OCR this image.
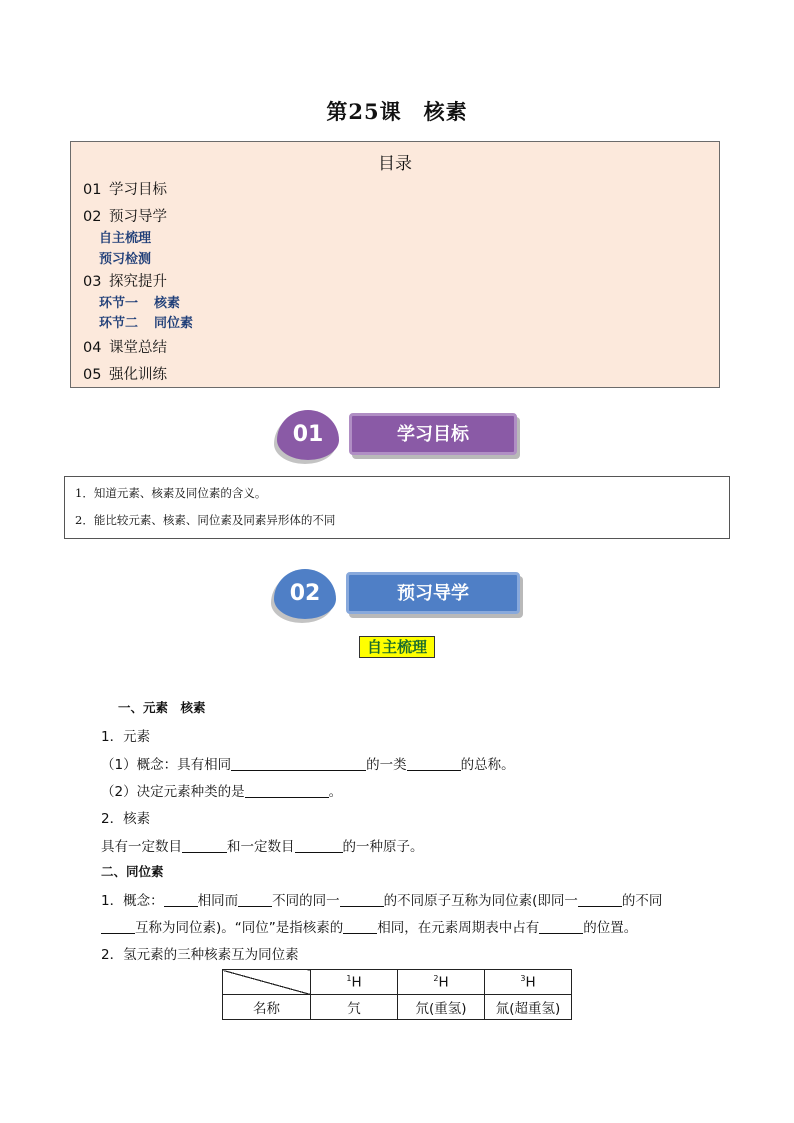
第25课 核素
目录
01 学习目标
02 预习导学
自主梳理
预习检测
03 探究提升
环节一 核素
环节二 同位素
04 课堂总结
05 强化训练
01	学习目标
1．知道元素、核素及同位素的含义。
2．能比较元素、核素、同位素及同素异形体的不同
02	预习导学
自主梳理
一、元素　核素
1．元素
（1）概念：具有相同	的一类	的总称。
（2）决定元素种类的是	。
2．核素
具有一定数目	和一定数目	的一种原子。
二、同位素
1．概念：	相同而	不同的同一	的不同原子互称为同位素(即同一	的不同
互称为同位素)。“同位”是指核素的	相同，在元素周期表中占有	的位置。
2．氢元素的三种核素互为同位素
	$^1$H	$^2$H	$^3$H
名称	氕	氘(重氢)	氚(超重氢)
